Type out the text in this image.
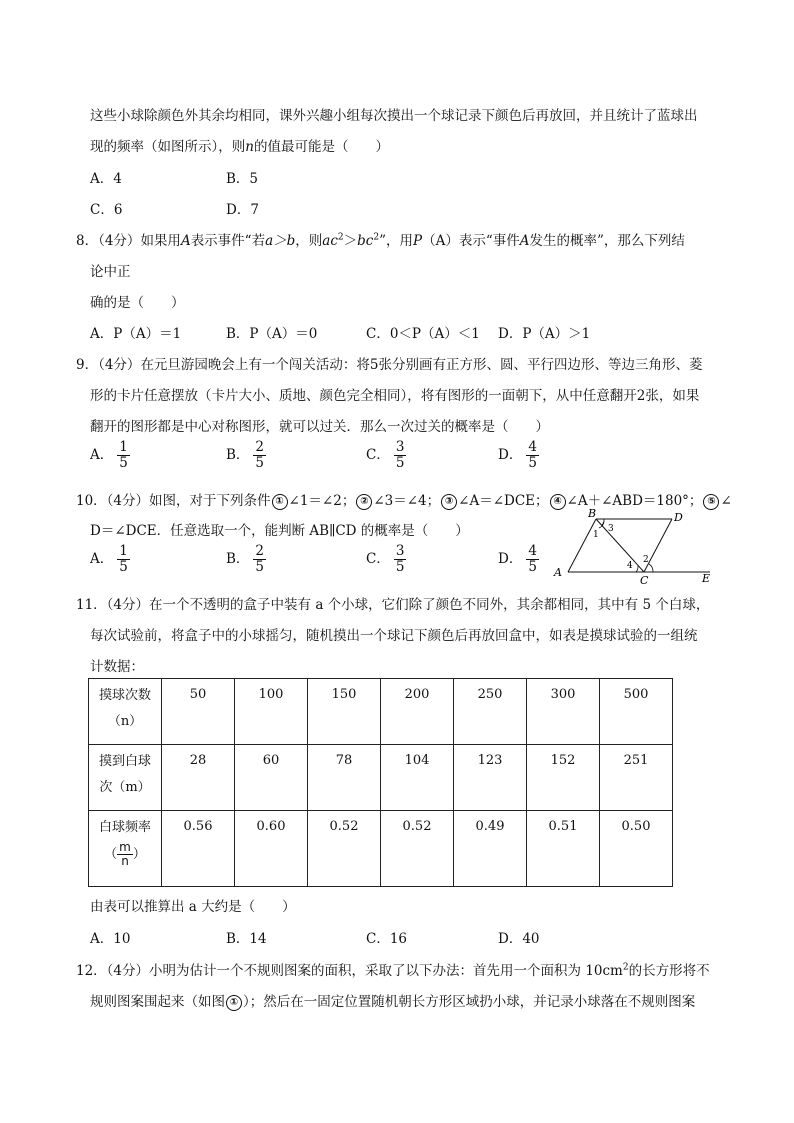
这些小球除颜色外其余均相同，课外兴趣小组每次摸出一个球记录下颜色后再放回，并且统计了蓝球出
现的频率（如图所示），则n的值最可能是（　　）
A．4	B．5
C．6	D．7
8．（4分）如果用A表示事件“若a＞b，则$ac^2>bc^2$”，用P（A）表示“事件A发生的概率”，那么下列结
论中正
确的是（　　）
A．P（A）＝1	B．P（A）＝0	C．0＜P（A）＜1 D．P（A）＞1
9．（4分）在元旦游园晚会上有一个闯关活动：将5张分别画有正方形、圆、平行四边形、等边三角形、菱
形的卡片任意摆放（卡片大小、质地、颜色完全相同），将有图形的一面朝下，从中任意翻开2张，如果
翻开的图形都是中心对称图形，就可以过关．那么一次过关的概率是（　　）
A． $\frac{1}{5}$	B． $\frac{2}{5}$	C． $\frac{3}{5}$	D． $\frac{4}{5}$
10．（4分）如图，对于下列条件 ① ∠1＝∠2； ② ∠3＝∠4； ③ ∠A＝∠DCE； ④ ∠A＋∠ABD＝180°； ⑤ ∠
D＝∠DCE．任意选取一个，能判断 AB∥CD 的概率是（　　）
A． $\frac{1}{5}$	B． $\frac{2}{5}$	C． $\frac{3}{5}$	D． $\frac{4}{5}$
B	D
A
C	E
1
3
2
4
11．（4分）在一个不透明的盒子中装有 a 个小球，它们除了颜色不同外，其余都相同，其中有 5 个白球，
每次试验前，将盒子中的小球摇匀，随机摸出一个球记下颜色后再放回盒中，如表是摸球试验的一组统
计数据：
摸球次数
（n）	50	100	150	200	250	300	500
摸到白球
次（m）	28	60	78	104	123	152	251
白球频率
（ $\frac{m}{n}$）	0.56	0.60	0.52	0.52	0.49	0.51	0.50
由表可以推算出 a 大约是（　　）
A．10	B．14	C．16	D．40
12．（4分）小明为估计一个不规则图案的面积，采取了以下办法：首先用一个面积为 $10cm^2$的长方形将不
规则图案围起来（如图 ① ）；然后在一固定位置随机朝长方形区域扔小球，并记录小球落在不规则图案
